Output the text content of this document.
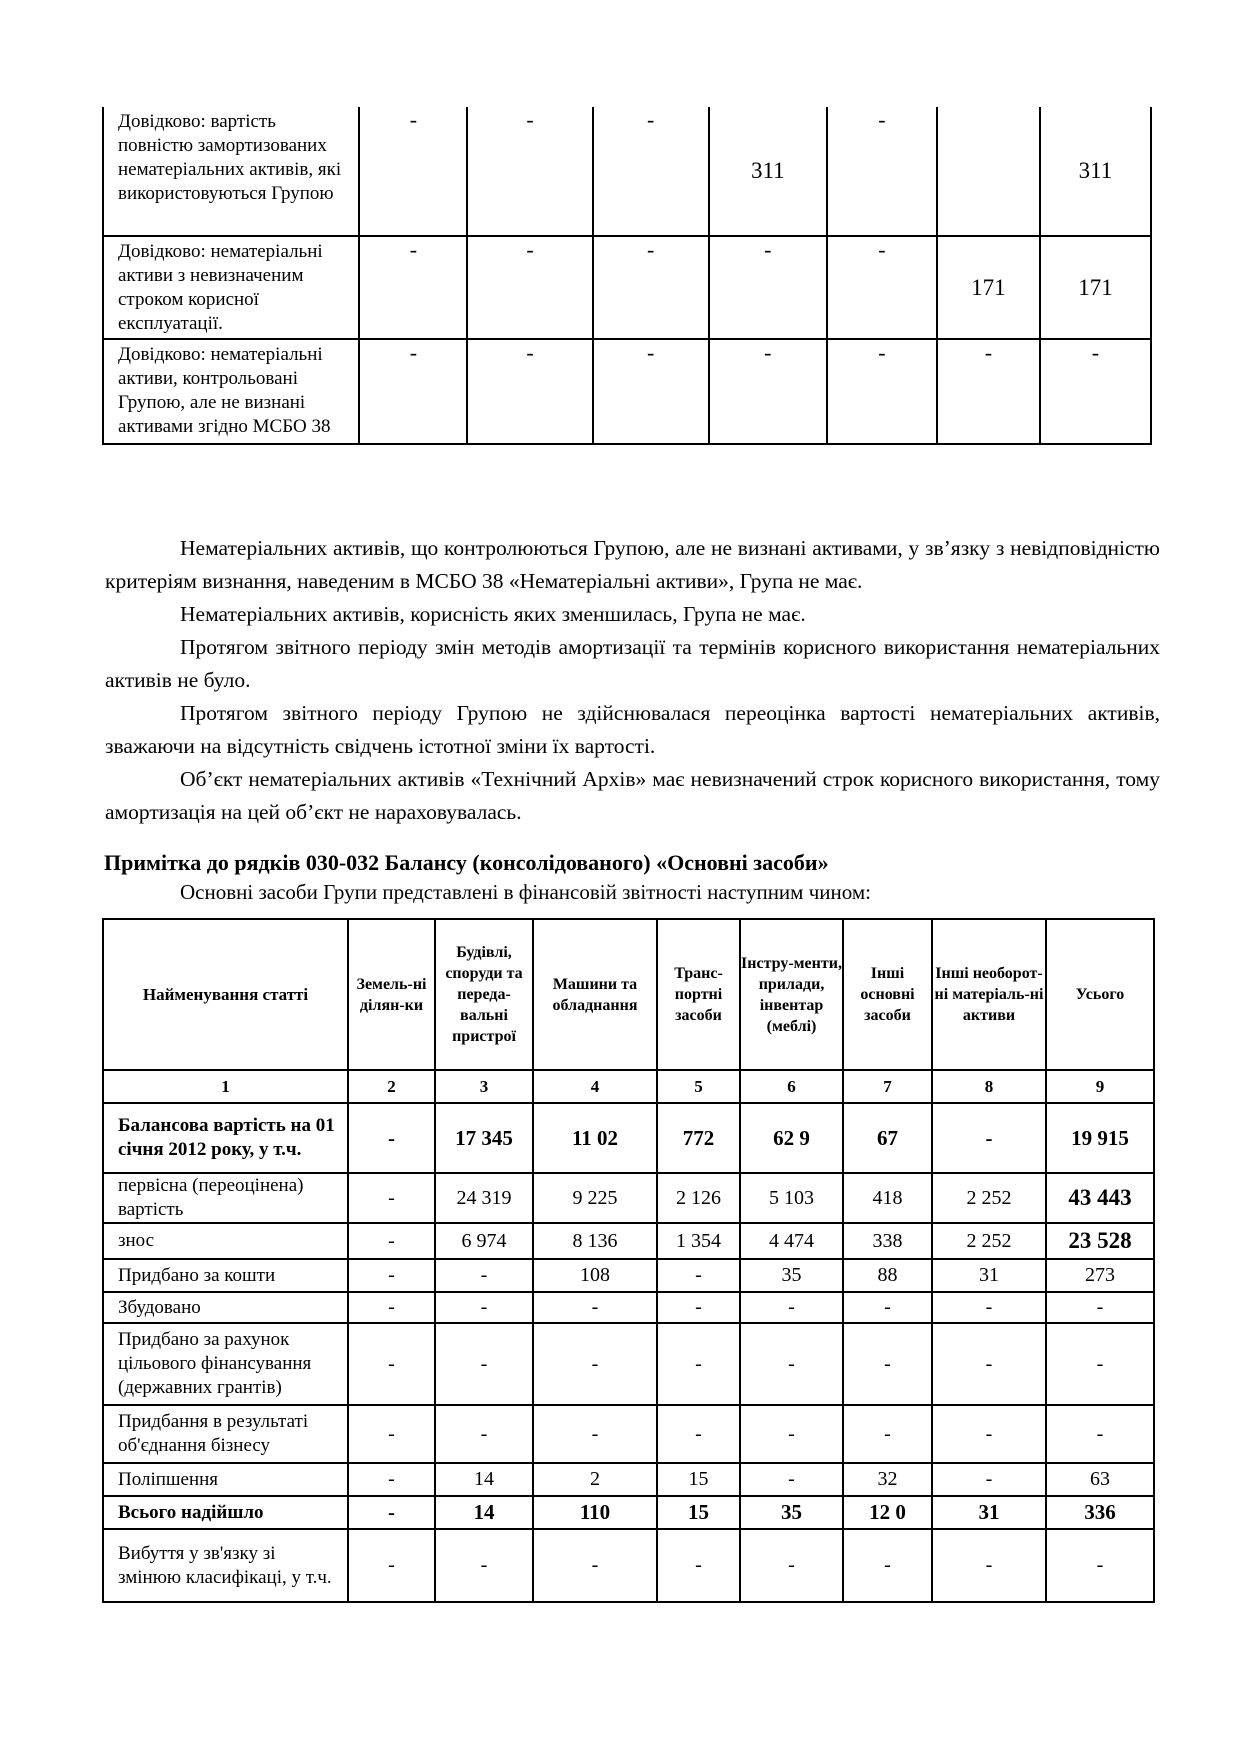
Довідково: вартість повністю замортизованих нематеріальних активів, які використовуються Групою	-	-	-	311	-		311
Довідково: нематеріальні активи з невизначеним строком корисної експлуатації.	-	-	-	-	-	171	171
Довідково: нематеріальні активи, контрольовані Групою, але не визнані активами згідно МСБО 38	-	-	-	-	-	-	-

Нематеріальних активів, що контролюються Групою, але не визнані активами, у зв’язку з невідповідністю критеріям визнання, наведеним в МСБО 38 «Нематеріальні активи», Група не має.

Нематеріальних активів, корисність яких зменшилась, Група не має.

Протягом звітного періоду змін методів амортизації та термінів корисного використання нематеріальних активів не було.

Протягом звітного періоду Групою не здійснювалася переоцінка вартості нематеріальних активів, зважаючи на відсутність свідчень істотної зміни їх вартості.

Об’єкт нематеріальних активів «Технічний Архів» має невизначений строк корисного використання, тому амортизація на цей об’єкт не нараховувалась.

Примітка до рядків 030-032 Балансу (консолідованого) «Основні засоби»

Основні засоби Групи представлені в фінансовій звітності наступним чином:

Найменування статті	Земель-ні ділян-ки	Будівлі, споруди та переда-вальні пристрої	Машини та обладнання	Транс-портні засоби	Інстру-менти, прилади, інвентар (меблі)	Інші основні засоби	Інші необорот-ні матеріаль-ні активи	Усього
1	2	3	4	5	6	7	8	9
Балансова вартість на 01 січня 2012 року, у т.ч.	-	17 345	11 02	772	62 9	67	-	19 915
первісна (переоцінена) вартість	-	24 319	9 225	2 126	5 103	418	2 252	43 443
знос	-	6 974	8 136	1 354	4 474	338	2 252	23 528
Придбано за кошти	-	-	108	-	35	88	31	273
Збудовано	-	-	-	-	-	-	-	-
Придбано за рахунок цільового фінансування (державних грантів)	-	-	-	-	-	-	-	-
Придбання в результаті об'єднання бізнесу	-	-	-	-	-	-	-	-
Поліпшення	-	14	2	15	-	32	-	63
Всього надійшло	-	14	110	15	35	12 0	31	336
Вибуття у зв'язку зі змінюю класифікаці, у т.ч.	-	-	-	-	-	-	-	-
